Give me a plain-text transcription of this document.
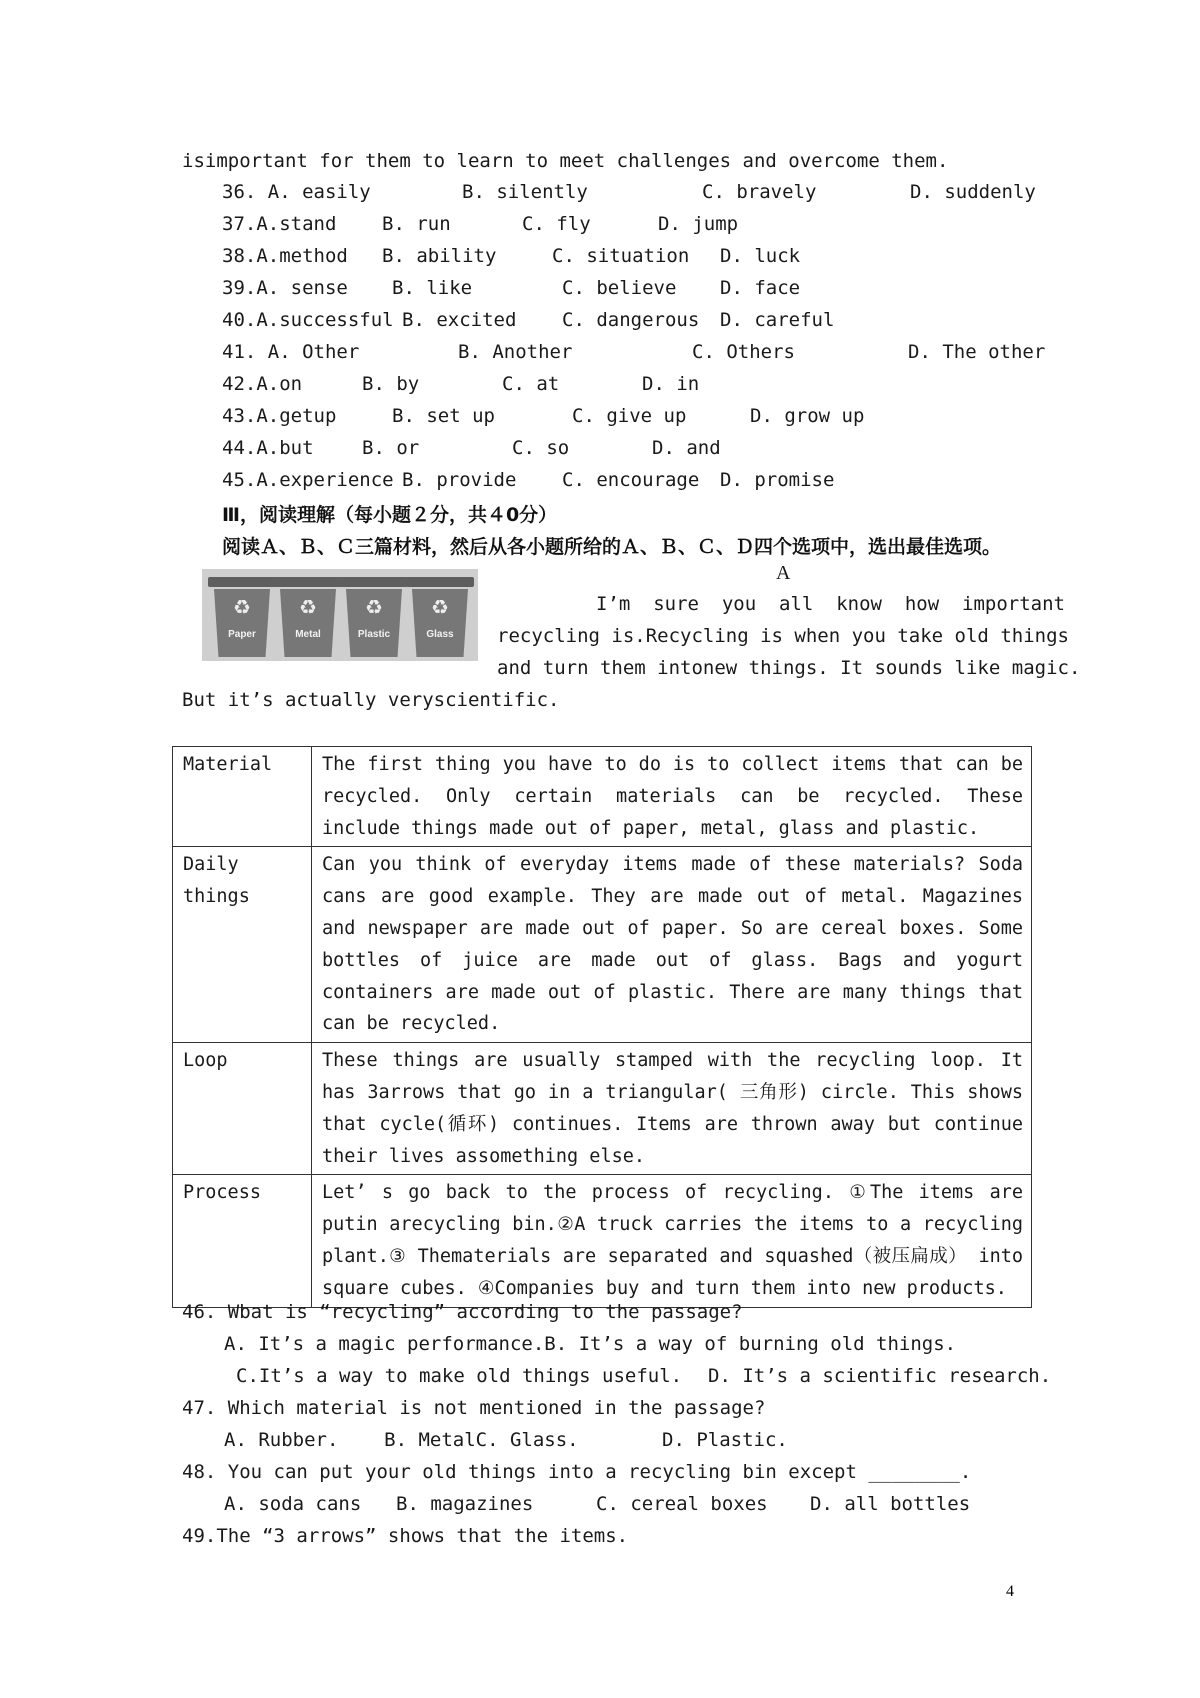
isimportant for them to learn to meet challenges and overcome them.

36. A. easily

	B. silently

	C. bravely

	D. suddenly

37.A.stand

B. run

	C. fly

	D. jump

38.A.method

B. ability

	C. situation

D. luck

39.A. sense

B. like

	C. believe

D. face

40.A.successful

B. excited

C. dangerous

D. careful

41. A. Other

	B. Another

	C. Others

	D. The other

42.A.on

	B. by

	C. at

	D. in

43.A.getup

	B. set up

	C. give up

	D. grow up

44.A.but

	B. or

	C. so

	D. and

45.A.experience

B. provide

C. encourage

D. promise

Ⅲ，阅读理解（每小题２分，共４0分）
阅读Ａ、Ｂ、Ｃ三篇材料，然后从各小题所给的Ａ、Ｂ、Ｃ、Ｄ四个选项中，选出最佳选项。
A
♻
Paper
♻
Metal
♻
Plastic
♻
Glass
I’m  sure  you  all  know  how  important
recycling is.Recycling is when you take old things
and turn them intonew things. It sounds like magic.
But it’s actually veryscientific.
Material	The first thing you have to do is to collect items that can be recycled. Only certain materials can be recycled. These include things made out of paper, metal, glass and plastic.
Daily things	Can you think of everyday items made of these materials? Soda cans are good example. They are made out of metal. Magazines and newspaper are made out of paper. So are cereal boxes. Some bottles of juice are made out of glass. Bags and yogurt containers are made out of plastic. There are many things that can be recycled.
Loop	These things are usually stamped with the recycling loop. It has 3arrows that go in a triangular( 三角形) circle. This shows that cycle(循环) continues. Items are thrown away but continue their lives assomething else.
Process	Let’ s go back to the process of recycling. ①The items are putin arecycling bin.②A truck carries the items to a recycling plant.③ Thematerials are separated and squashed（被压扁成） into square cubes. ④Companies buy and turn them into new products.
46. Wbat is “recycling” according to the passage?
A. It’s a magic performance.B. It’s a way of burning old things.
C.It’s a way to make old things useful. D. It’s a scientific research.
47. Which material is not mentioned in the passage?
A. Rubber.    B. MetalC. Glass.	D. Plastic.
48. You can put your old things into a recycling bin except ________.

A. soda cans

B. magazines

	C. cereal boxes

D. all bottles

49.The “3 arrows” shows that the items.
4
